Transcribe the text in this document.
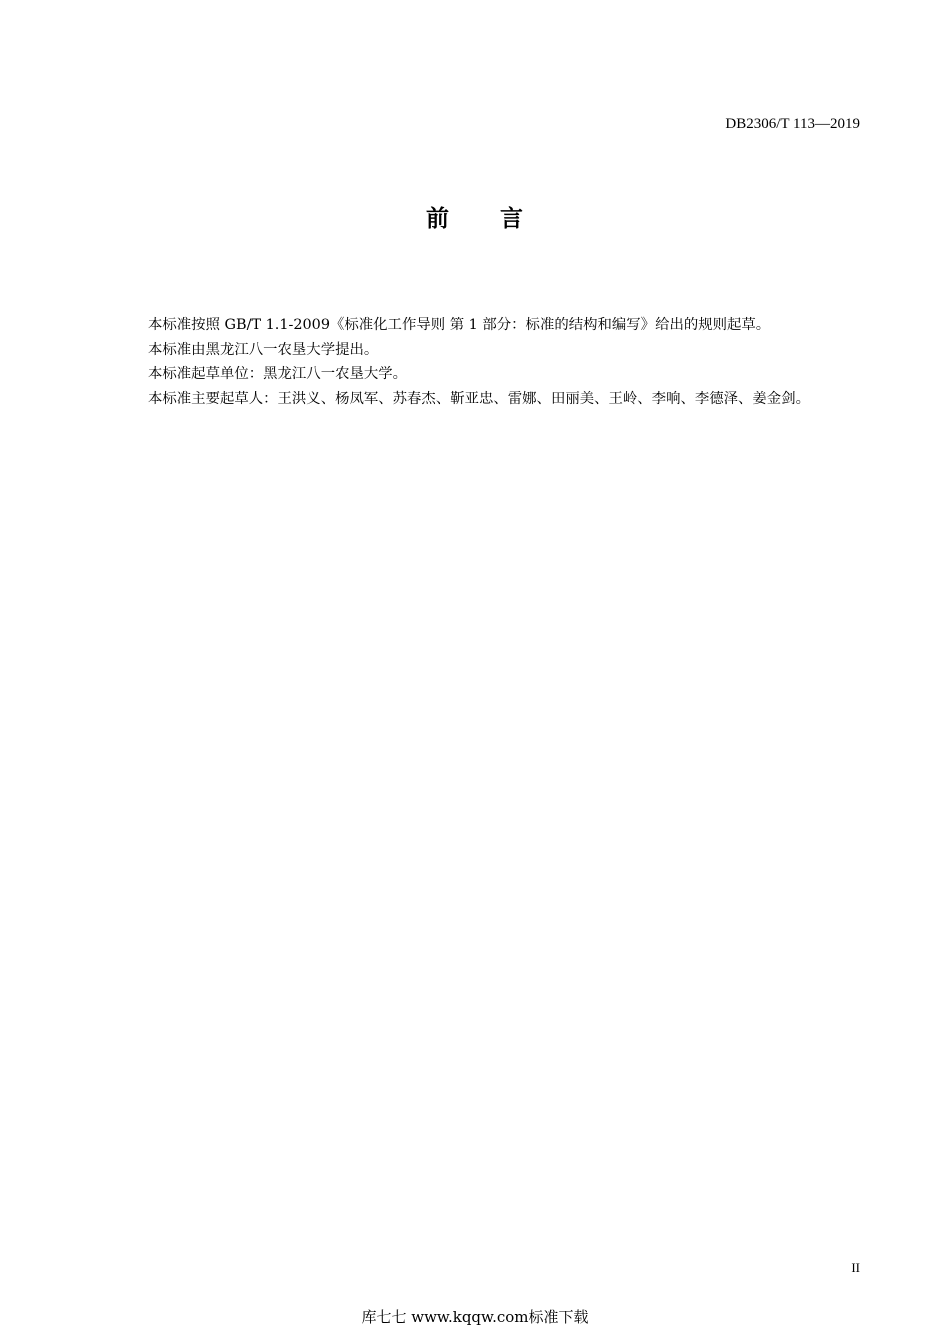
DB2306/T 113—2019
前 言

本标准按照 GB/T 1.1-2009《标准化工作导则 第 1 部分：标准的结构和编写》给出的规则起草。

本标准由黑龙江八一农垦大学提出。

本标准起草单位：黑龙江八一农垦大学。

本标准主要起草人：王洪义、杨凤军、苏春杰、靳亚忠、雷娜、田丽美、王岭、李响、李德泽、姜金剑。

II
库七七 www.kqqw.com标准下载
